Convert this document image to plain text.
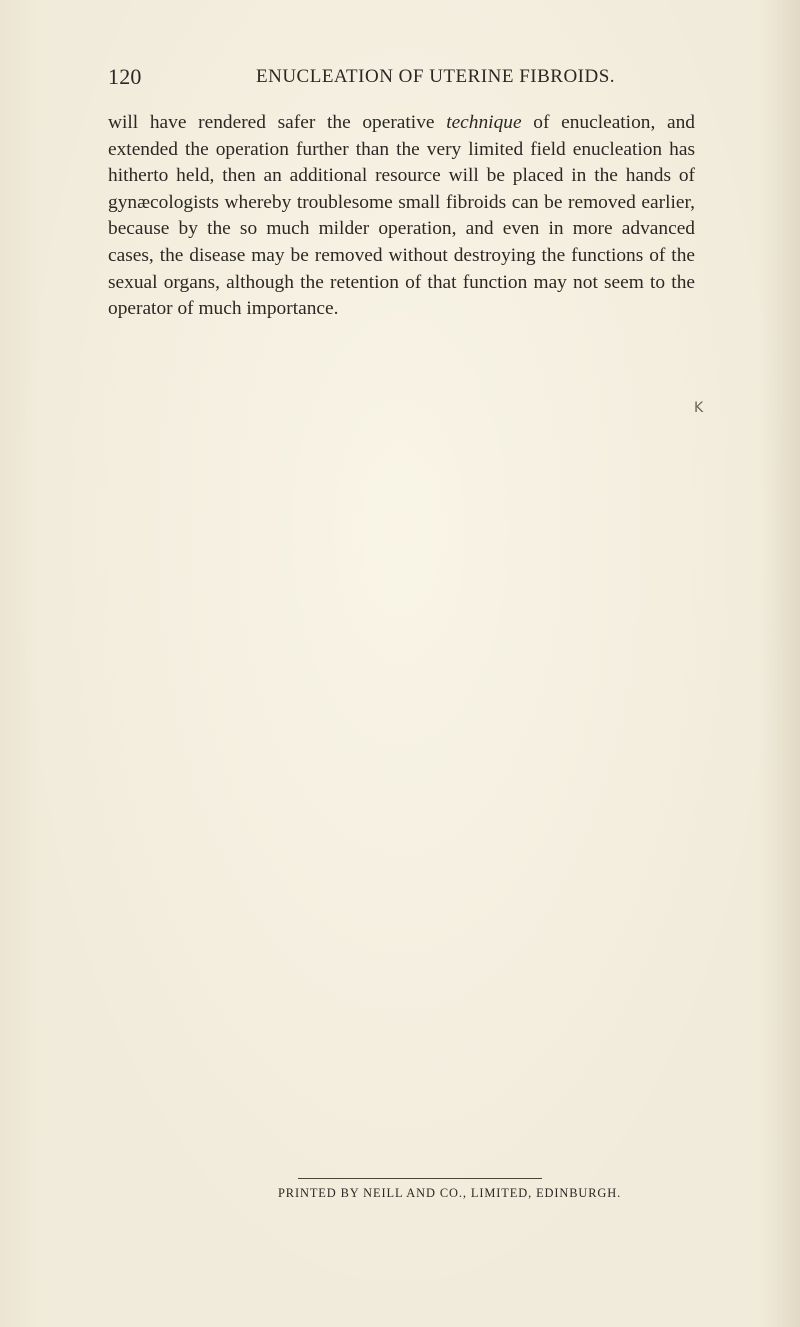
120	ENUCLEATION OF UTERINE FIBROIDS.

will have rendered safer the operative technique of enucleation, and extended the operation further than the very limited field enucleation has hitherto held, then an additional resource will be placed in the hands of gynæcologists whereby troublesome small fibroids can be removed earlier, because by the so much milder operation, and even in more advanced cases, the disease may be removed without destroying the functions of the sexual organs, although the retention of that function may not seem to the operator of much importance.

K
PRINTED BY NEILL AND CO., LIMITED, EDINBURGH.
